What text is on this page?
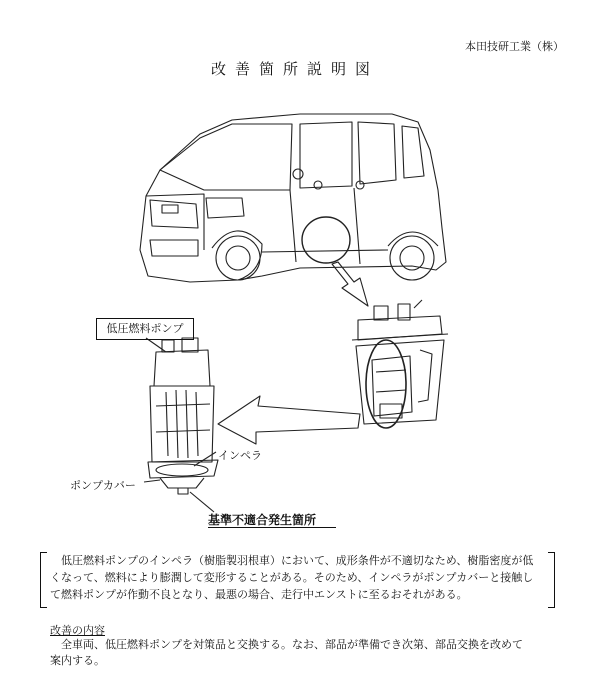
本田技研工業（株）
改善箇所説明図
低圧燃料ポンプ
インペラ
ポンプカバー
基準不適合発生箇所

低圧燃料ポンプのインペラ（樹脂製羽根車）において、成形条件が不適切なため、樹脂密度が低

くなって、燃料により膨潤して変形することがある。そのため、インペラがポンプカバーと接触し

て燃料ポンプが作動不良となり、最悪の場合、走行中エンストに至るおそれがある。

改善の内容

全車両、低圧燃料ポンプを対策品と交換する。なお、部品が準備でき次第、部品交換を改めて

案内する。
